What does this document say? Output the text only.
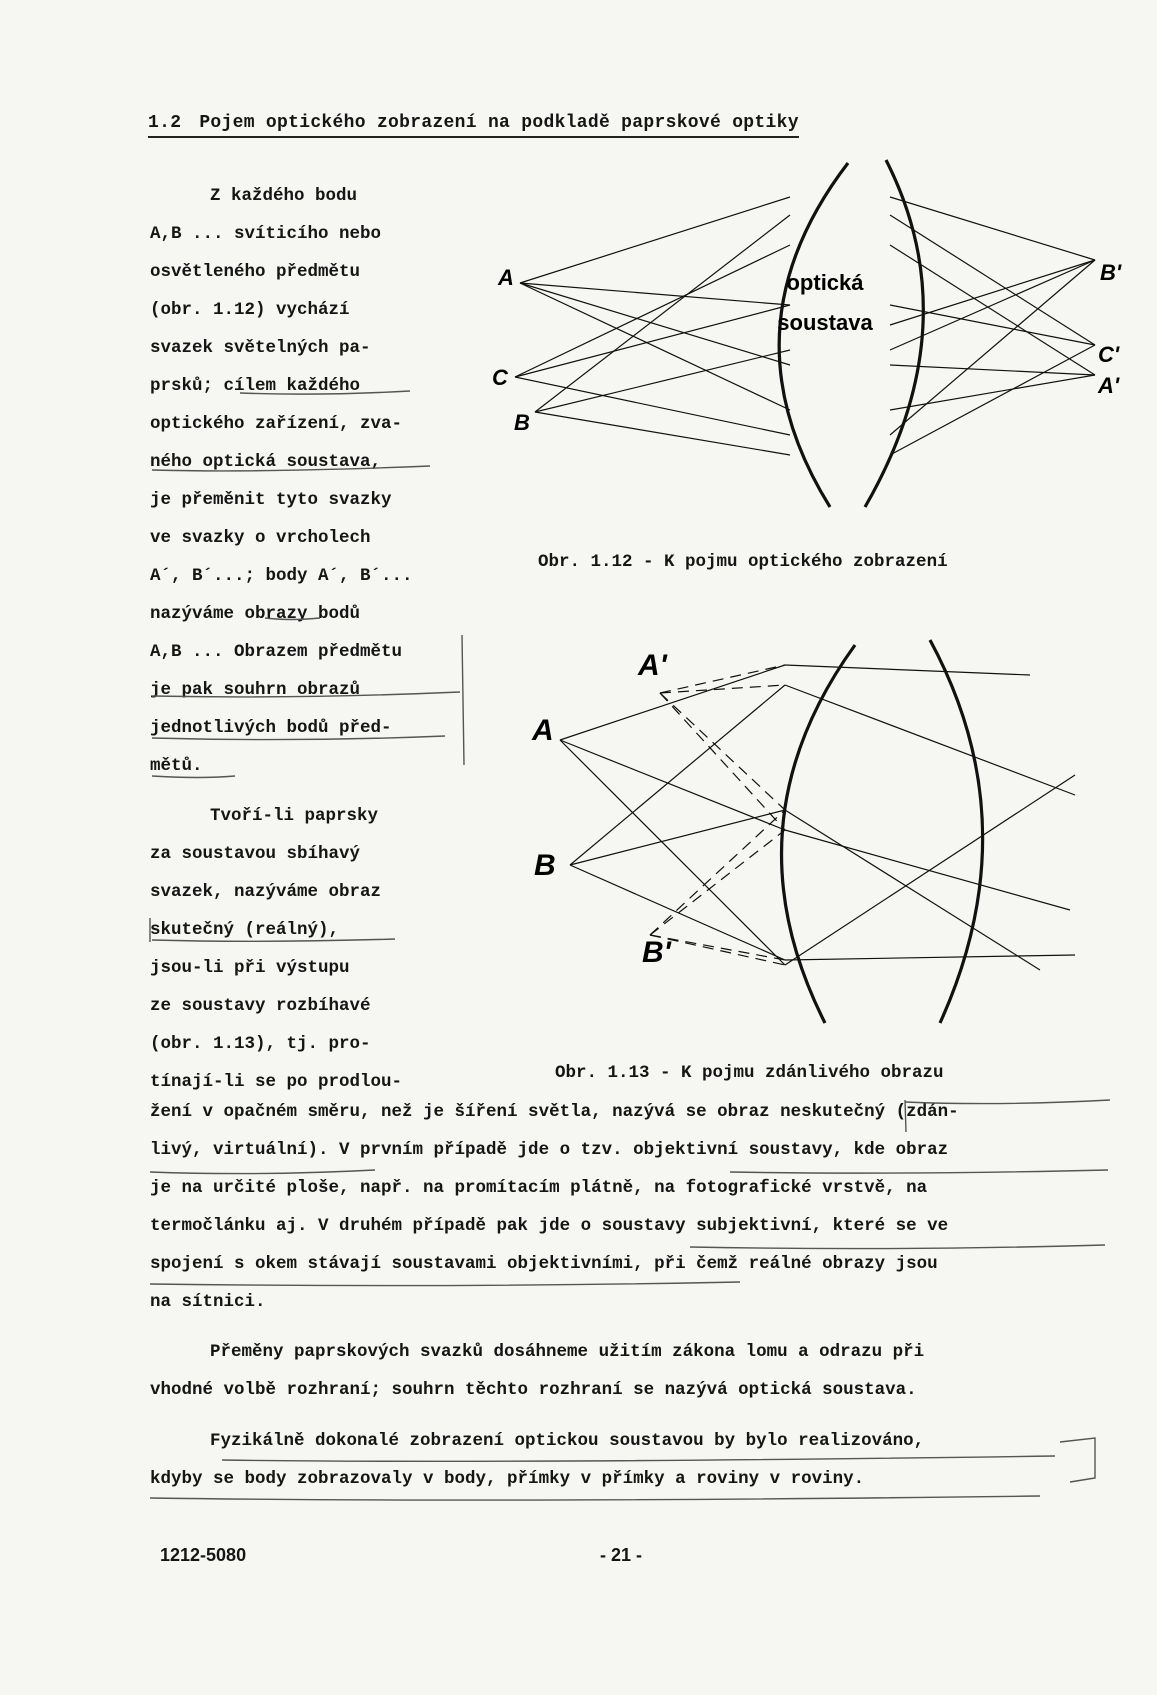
1.2 Pojem optického zobrazení na podkladě paprskové optiky
Z každého bodu
A,B ... svíticího nebo
osvětleného předmětu
(obr. 1.12) vychází
svazek světelných pa-
prsků; cílem každého
optického zařízení, zva-
ného optická soustava,
je přeměnit tyto svazky
ve svazky o vrcholech
A´, B´...; body A´, B´...
nazýváme obrazy bodů
A,B ... Obrazem předmětu
je pak souhrn obrazů
jednotlivých bodů před-
mětů.
Tvoří-li paprsky
za soustavou sbíhavý
svazek, nazýváme obraz
skutečný (reálný),
jsou-li při výstupu
ze soustavy rozbíhavé
(obr. 1.13), tj. pro-
tínají-li se po prodlou-
žení v opačném směru, než je šíření světla, nazývá se obraz neskutečný (zdán-
livý, virtuální). V prvním případě jde o tzv. objektivní soustavy, kde obraz
je na určité ploše, např. na promítacím plátně, na fotografické vrstvě, na
termočlánku aj. V druhém případě pak jde o soustavy subjektivní, které se ve
spojení s okem stávají soustavami objektivními, při čemž reálné obrazy jsou
na sítnici.
Přeměny paprskových svazků dosáhneme užitím zákona lomu a odrazu při
vhodné volbě rozhraní; souhrn těchto rozhraní se nazývá optická soustava.
Fyzikálně dokonalé zobrazení optickou soustavou by bylo realizováno,
kdyby se body zobrazovaly v body, přímky v přímky a roviny v roviny.
optická
soustava
A
C
B
B'
C'
A'
Obr. 1.12 - K pojmu optického zobrazení
A'
A
B
B'
Obr. 1.13 - K pojmu zdánlivého obrazu
1212-5080	- 21 -
